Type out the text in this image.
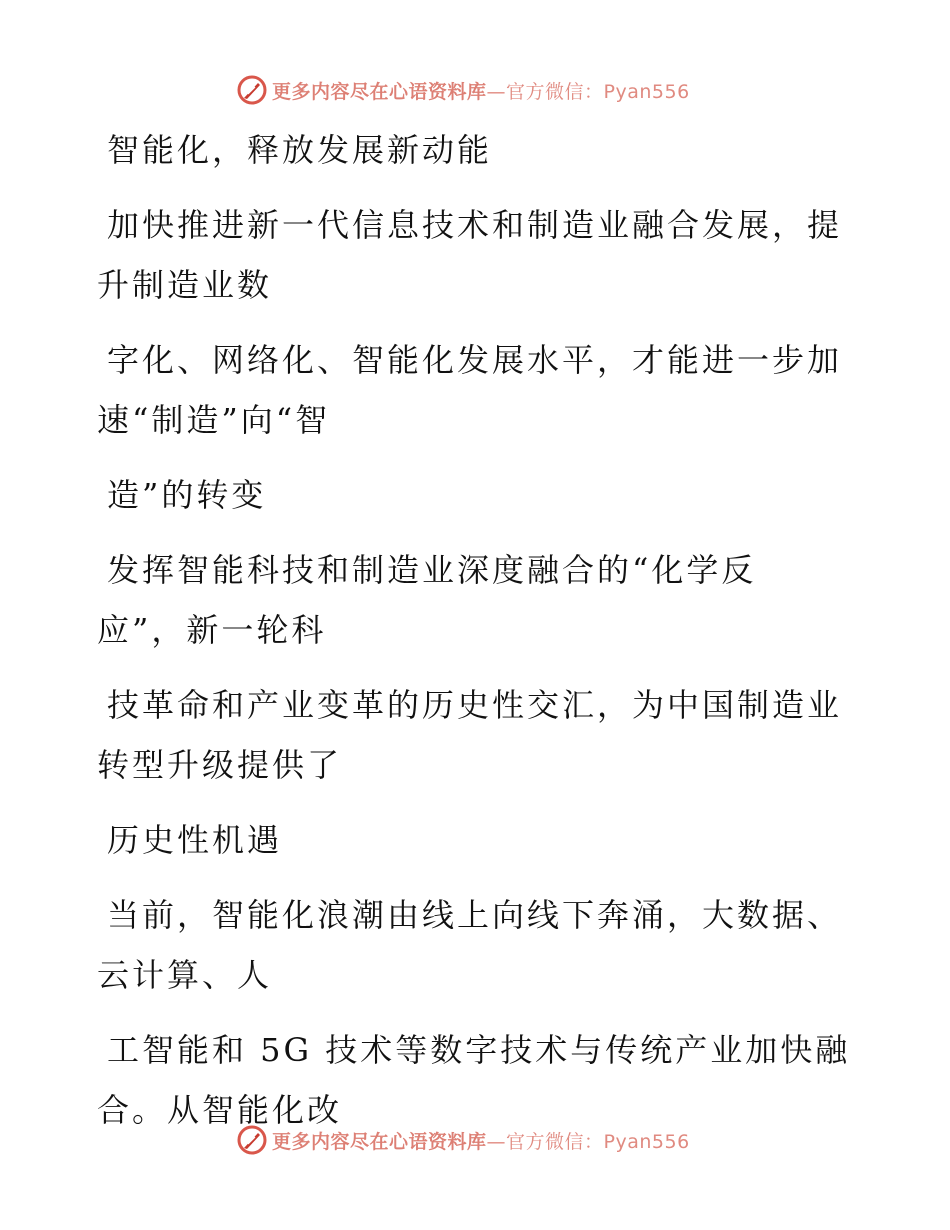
更多内容尽在心语资料库—官方微信：Pyan556

智能化，释放发展新动能

加快推进新一代信息技术和制造业融合发展，提
升制造业数

字化、网络化、智能化发展水平，才能进一步加
速“制造”向“智

造”的转变

发挥智能科技和制造业深度融合的“化学反
应”，新一轮科

技革命和产业变革的历史性交汇，为中国制造业
转型升级提供了

历史性机遇

当前，智能化浪潮由线上向线下奔涌，大数据、
云计算、人

工智能和 5G 技术等数字技术与传统产业加快融
合。从智能化改

更多内容尽在心语资料库—官方微信：Pyan556
